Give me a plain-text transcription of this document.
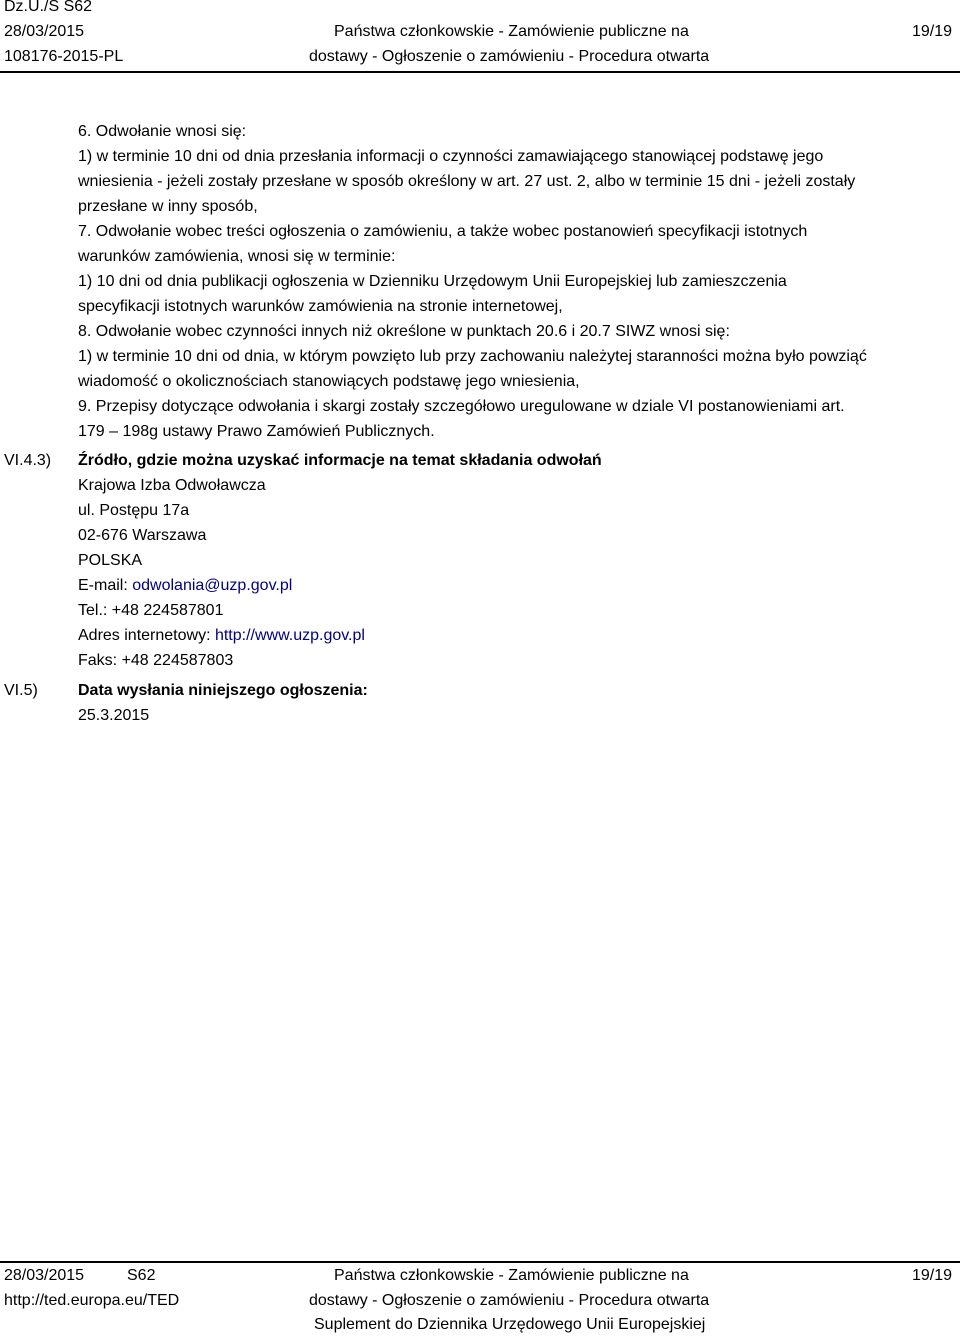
Dz.U./S S62
28/03/2015
108176-2015-PL
Państwa członkowskie - Zamówienie publiczne na
dostawy - Ogłoszenie o zamówieniu - Procedura otwarta
19/19
6. Odwołanie wnosi się:
1) w terminie 10 dni od dnia przesłania informacji o czynności zamawiającego stanowiącej podstawę jego
wniesienia - jeżeli zostały przesłane w sposób określony w art. 27 ust. 2, albo w terminie 15 dni - jeżeli zostały
przesłane w inny sposób,
7. Odwołanie wobec treści ogłoszenia o zamówieniu, a także wobec postanowień specyfikacji istotnych
warunków zamówienia, wnosi się w terminie:
1) 10 dni od dnia publikacji ogłoszenia w Dzienniku Urzędowym Unii Europejskiej lub zamieszczenia
specyfikacji istotnych warunków zamówienia na stronie internetowej,
8. Odwołanie wobec czynności innych niż określone w punktach 20.6 i 20.7 SIWZ wnosi się:
1) w terminie 10 dni od dnia, w którym powzięto lub przy zachowaniu należytej staranności można było powziąć
wiadomość o okolicznościach stanowiących podstawę jego wniesienia,
9. Przepisy dotyczące odwołania i skargi zostały szczegółowo uregulowane w dziale VI postanowieniami art.
179 – 198g ustawy Prawo Zamówień Publicznych.
VI.4.3) Źródło, gdzie można uzyskać informacje na temat składania odwołań
Krajowa Izba Odwoławcza
ul. Postępu 17a
02-676 Warszawa
POLSKA
E-mail: odwolania@uzp.gov.pl
Tel.: +48 224587801
Adres internetowy: http://www.uzp.gov.pl
Faks: +48 224587803
VI.5)	Data wysłania niniejszego ogłoszenia:
25.3.2015
28/03/2015	S62
http://ted.europa.eu/TED
Państwa członkowskie - Zamówienie publiczne na
dostawy - Ogłoszenie o zamówieniu - Procedura otwarta
Suplement do Dziennika Urzędowego Unii Europejskiej
19/19
